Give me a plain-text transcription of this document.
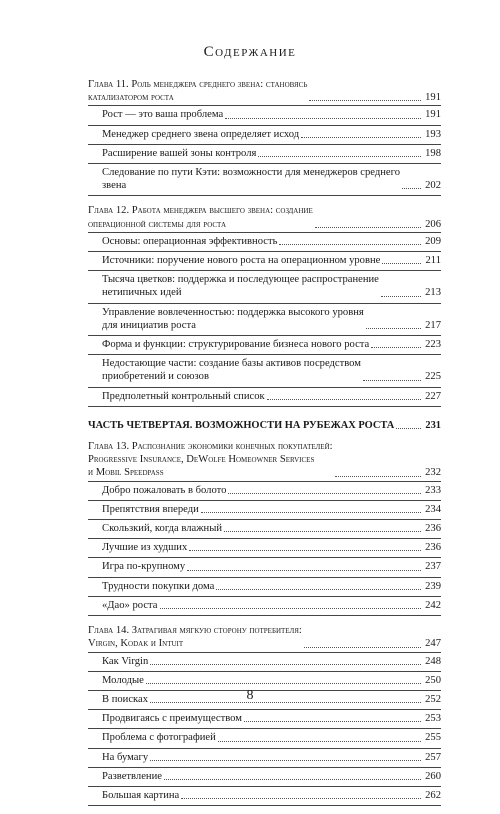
Содержание
Глава 11. Роль менеджера среднего звена: становясь
катализатором роста	191
Рост — это ваша проблема	191
Менеджер среднего звена определяет исход	193
Расширение вашей зоны контроля	198
Следование по пути Кэти: возможности для менеджеров среднего
звена	202
Глава 12. Работа менеджера высшего звена: создание
операционной системы для роста	206
Основы: операционная эффективность	209
Источники: поручение нового роста на операционном уровне	211
Тысяча цветков: поддержка и последующее распространение
нетипичных идей	213
Управление вовлеченностью: поддержка высокого уровня
для инициатив роста	217
Форма и функции: структурирование бизнеса нового роста	223
Недостающие части: создание базы активов посредством
приобретений и союзов	225
Предполетный контрольный список	227
ЧАСТЬ ЧЕТВЕРТАЯ. ВОЗМОЖНОСТИ НА РУБЕЖАХ РОСТА	231
Глава 13. Распознание экономики конечных покупателей:
Progressive Insurance, DeWolfe Homeowner Services
и Mobil Speedpass	232
Добро пожаловать в болото	233
Препятствия впереди	234
Скользкий, когда влажный	236
Лучшие из худших	236
Игра по-крупному	237
Трудности покупки дома	239
«Дао» роста	242
Глава 14. Затрагивая мягкую сторону потребителя:
Virgin, Kodak и Intuit	247
Как Virgin	248
Молодые	250
В поисках	252
Продвигаясь с преимуществом	253
Проблема с фотографией	255
На бумагу	257
Разветвление	260
Большая картина	262
8
